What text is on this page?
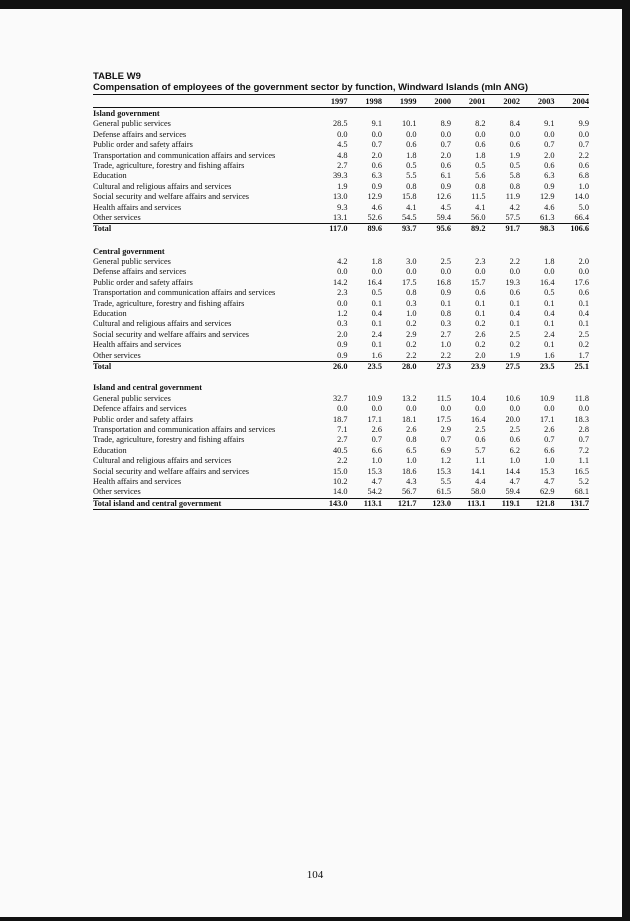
TABLE W9
Compensation of employees of the government sector by function, Windward Islands (mln ANG)
1997	1998	1999	2000	2001	2002	2003	2004
Island government
General public services	28.5	9.1	10.1	8.9	8.2	8.4	9.1	9.9
Defense affairs and services	0.0	0.0	0.0	0.0	0.0	0.0	0.0	0.0
Public order and safety affairs	4.5	0.7	0.6	0.7	0.6	0.6	0.7	0.7
Transportation and communication affairs and services	4.8	2.0	1.8	2.0	1.8	1.9	2.0	2.2
Trade, agriculture, forestry and fishing affairs	2.7	0.6	0.5	0.6	0.5	0.5	0.6	0.6
Education	39.3	6.3	5.5	6.1	5.6	5.8	6.3	6.8
Cultural and religious affairs and services	1.9	0.9	0.8	0.9	0.8	0.8	0.9	1.0
Social security and welfare affairs and services	13.0	12.9	15.8	12.6	11.5	11.9	12.9	14.0
Health affairs and services	9.3	4.6	4.1	4.5	4.1	4.2	4.6	5.0
Other services	13.1	52.6	54.5	59.4	56.0	57.5	61.3	66.4
Total	117.0	89.6	93.7	95.6	89.2	91.7	98.3	106.6
Central government
General public services	4.2	1.8	3.0	2.5	2.3	2.2	1.8	2.0
Defense affairs and services	0.0	0.0	0.0	0.0	0.0	0.0	0.0	0.0
Public order and safety affairs	14.2	16.4	17.5	16.8	15.7	19.3	16.4	17.6
Transportation and communication affairs and services	2.3	0.5	0.8	0.9	0.6	0.6	0.5	0.6
Trade, agriculture, forestry and fishing affairs	0.0	0.1	0.3	0.1	0.1	0.1	0.1	0.1
Education	1.2	0.4	1.0	0.8	0.1	0.4	0.4	0.4
Cultural and religious affairs and services	0.3	0.1	0.2	0.3	0.2	0.1	0.1	0.1
Social security and welfare affairs and services	2.0	2.4	2.9	2.7	2.6	2.5	2.4	2.5
Health affairs and services	0.9	0.1	0.2	1.0	0.2	0.2	0.1	0.2
Other services	0.9	1.6	2.2	2.2	2.0	1.9	1.6	1.7
Total	26.0	23.5	28.0	27.3	23.9	27.5	23.5	25.1
Island and central government
General public services	32.7	10.9	13.2	11.5	10.4	10.6	10.9	11.8
Defence affairs and services	0.0	0.0	0.0	0.0	0.0	0.0	0.0	0.0
Public order and safety affairs	18.7	17.1	18.1	17.5	16.4	20.0	17.1	18.3
Transportation and communication affairs and services	7.1	2.6	2.6	2.9	2.5	2.5	2.6	2.8
Trade, agriculture, forestry and fishing affairs	2.7	0.7	0.8	0.7	0.6	0.6	0.7	0.7
Education	40.5	6.6	6.5	6.9	5.7	6.2	6.6	7.2
Cultural and religious affairs and services	2.2	1.0	1.0	1.2	1.1	1.0	1.0	1.1
Social security and welfare affairs and services	15.0	15.3	18.6	15.3	14.1	14.4	15.3	16.5
Health affairs and services	10.2	4.7	4.3	5.5	4.4	4.7	4.7	5.2
Other services	14.0	54.2	56.7	61.5	58.0	59.4	62.9	68.1
Total island and central government	143.0	113.1	121.7	123.0	113.1	119.1	121.8	131.7
104
